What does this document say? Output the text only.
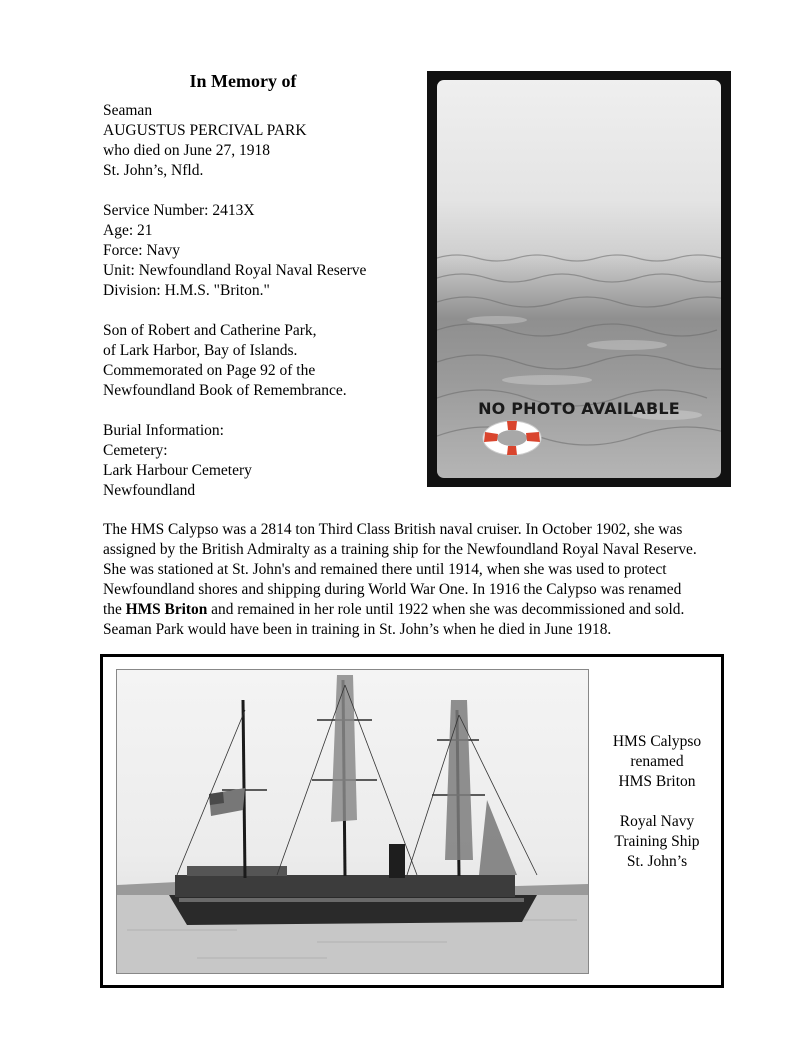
In Memory of
Seaman
AUGUSTUS PERCIVAL PARK
who died on June 27, 1918
St. John’s, Nfld.
Service Number: 2413X
Age: 21
Force: Navy
Unit: Newfoundland Royal Naval Reserve
Division: H.M.S. "Briton."
Son of Robert and Catherine Park,
of Lark Harbor, Bay of Islands.
Commemorated on Page 92 of the
Newfoundland Book of Remembrance.
Burial Information:
Cemetery:
Lark Harbour Cemetery
Newfoundland
NO PHOTO AVAILABLE
The HMS Calypso was a 2814 ton Third Class British naval cruiser. In October 1902, she was
assigned by the British Admiralty as a training ship for the Newfoundland Royal Naval Reserve.
She was stationed at St. John's and remained there until 1914, when she was used to protect
Newfoundland shores and shipping during World War One. In 1916 the Calypso was renamed
the HMS Briton and remained in her role until 1922 when she was decommissioned and sold.
Seaman Park would have been in training in St. John’s when he died in June 1918.
HMS Calypso
renamed
HMS Briton
Royal Navy
Training Ship
St. John’s
